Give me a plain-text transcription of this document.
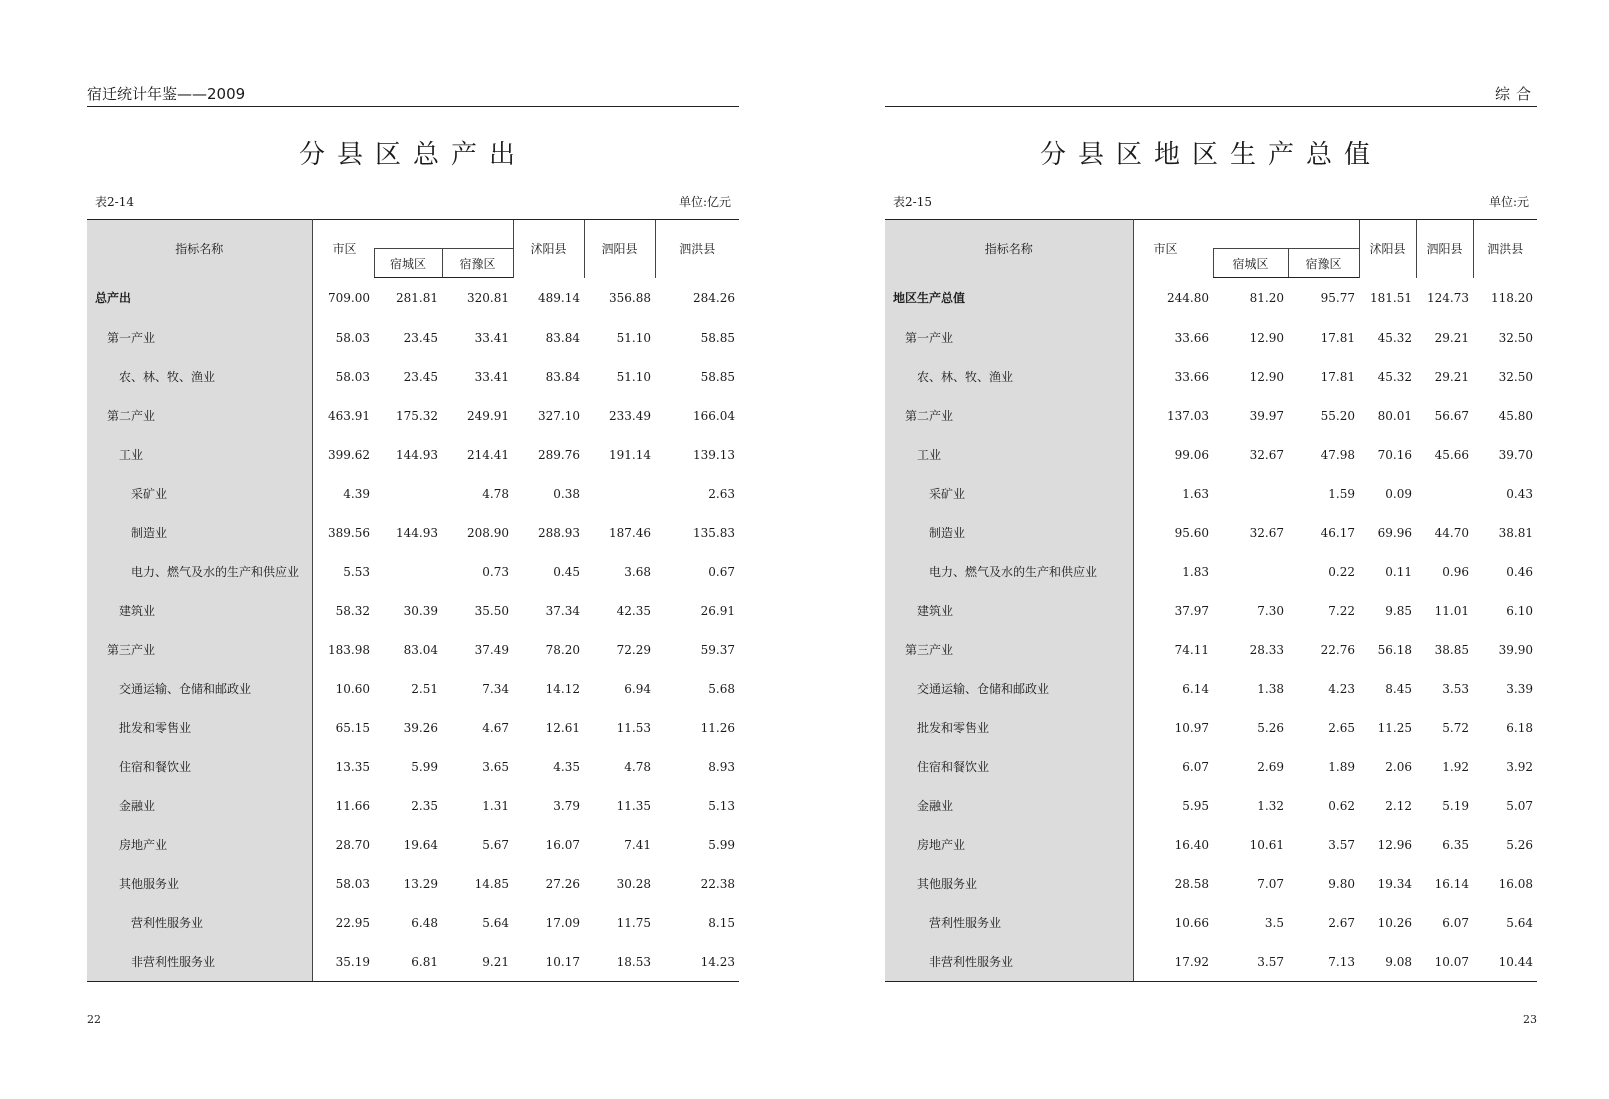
宿迁统计年鉴——2009
分县区总产出
表2-14	单位:亿元
指标名称	市区			沭阳县	泗阳县	泗洪县
		宿城区	宿豫区			
总产出	709.00	281.81	320.81	489.14	356.88	284.26
第一产业	58.03	23.45	33.41	83.84	51.10	58.85
农、林、牧、渔业	58.03	23.45	33.41	83.84	51.10	58.85
第二产业	463.91	175.32	249.91	327.10	233.49	166.04
工业	399.62	144.93	214.41	289.76	191.14	139.13
采矿业	4.39		4.78	0.38		2.63
制造业	389.56	144.93	208.90	288.93	187.46	135.83
电力、燃气及水的生产和供应业	5.53		0.73	0.45	3.68	0.67
建筑业	58.32	30.39	35.50	37.34	42.35	26.91
第三产业	183.98	83.04	37.49	78.20	72.29	59.37
交通运输、仓储和邮政业	10.60	2.51	7.34	14.12	6.94	5.68
批发和零售业	65.15	39.26	4.67	12.61	11.53	11.26
住宿和餐饮业	13.35	5.99	3.65	4.35	4.78	8.93
金融业	11.66	2.35	1.31	3.79	11.35	5.13
房地产业	28.70	19.64	5.67	16.07	7.41	5.99
其他服务业	58.03	13.29	14.85	27.26	30.28	22.38
营利性服务业	22.95	6.48	5.64	17.09	11.75	8.15
非营利性服务业	35.19	6.81	9.21	10.17	18.53	14.23
22
综合
分县区地区生产总值
表2-15	单位:元
指标名称	市区			沭阳县	泗阳县	泗洪县
		宿城区	宿豫区			
地区生产总值	244.80	81.20	95.77	181.51	124.73	118.20
第一产业	33.66	12.90	17.81	45.32	29.21	32.50
农、林、牧、渔业	33.66	12.90	17.81	45.32	29.21	32.50
第二产业	137.03	39.97	55.20	80.01	56.67	45.80
工业	99.06	32.67	47.98	70.16	45.66	39.70
采矿业	1.63		1.59	0.09		0.43
制造业	95.60	32.67	46.17	69.96	44.70	38.81
电力、燃气及水的生产和供应业	1.83		0.22	0.11	0.96	0.46
建筑业	37.97	7.30	7.22	9.85	11.01	6.10
第三产业	74.11	28.33	22.76	56.18	38.85	39.90
交通运输、仓储和邮政业	6.14	1.38	4.23	8.45	3.53	3.39
批发和零售业	10.97	5.26	2.65	11.25	5.72	6.18
住宿和餐饮业	6.07	2.69	1.89	2.06	1.92	3.92
金融业	5.95	1.32	0.62	2.12	5.19	5.07
房地产业	16.40	10.61	3.57	12.96	6.35	5.26
其他服务业	28.58	7.07	9.80	19.34	16.14	16.08
营利性服务业	10.66	3.5	2.67	10.26	6.07	5.64
非营利性服务业	17.92	3.57	7.13	9.08	10.07	10.44
23
